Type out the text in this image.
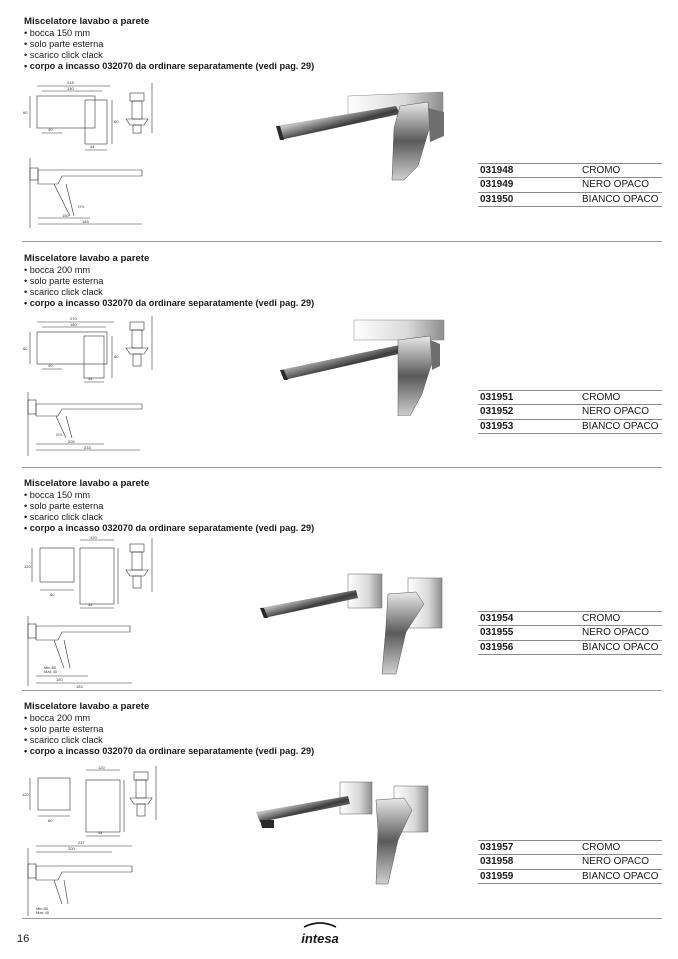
Miscelatore lavabo a parete
• bocca 150 mm
• solo parte esterna
• scarico click clack
• corpo a incasso 032070 da ordinare separatamente (vedi pag. 29)
218
130
60
60
40
44
G½
150
183
031948	CROMO
031949	NERO OPACO
031950	BIANCO OPACO
Miscelatore lavabo a parete
• bocca 200 mm
• solo parte esterna
• scarico click clack
• corpo a incasso 032070 da ordinare separatamente (vedi pag. 29)
270
180
60
60
40
44
G½
200
233
031951	CROMO
031952	NERO OPACO
031953	BIANCO OPACO
Miscelatore lavabo a parete
• bocca 150 mm
• solo parte esterna
• scarico click clack
• corpo a incasso 032070 da ordinare separatamente (vedi pag. 29)
120
120
60
44
Min 80
Max 40
150
183
031954	CROMO
031955	NERO OPACO
031956	BIANCO OPACO
Miscelatore lavabo a parete
• bocca 200 mm
• solo parte esterna
• scarico click clack
• corpo a incasso 032070 da ordinare separatamente (vedi pag. 29)
120
120
60
44
217
200
Min 80
Max 40
031957	CROMO
031958	NERO OPACO
031959	BIANCO OPACO
16	intesa
